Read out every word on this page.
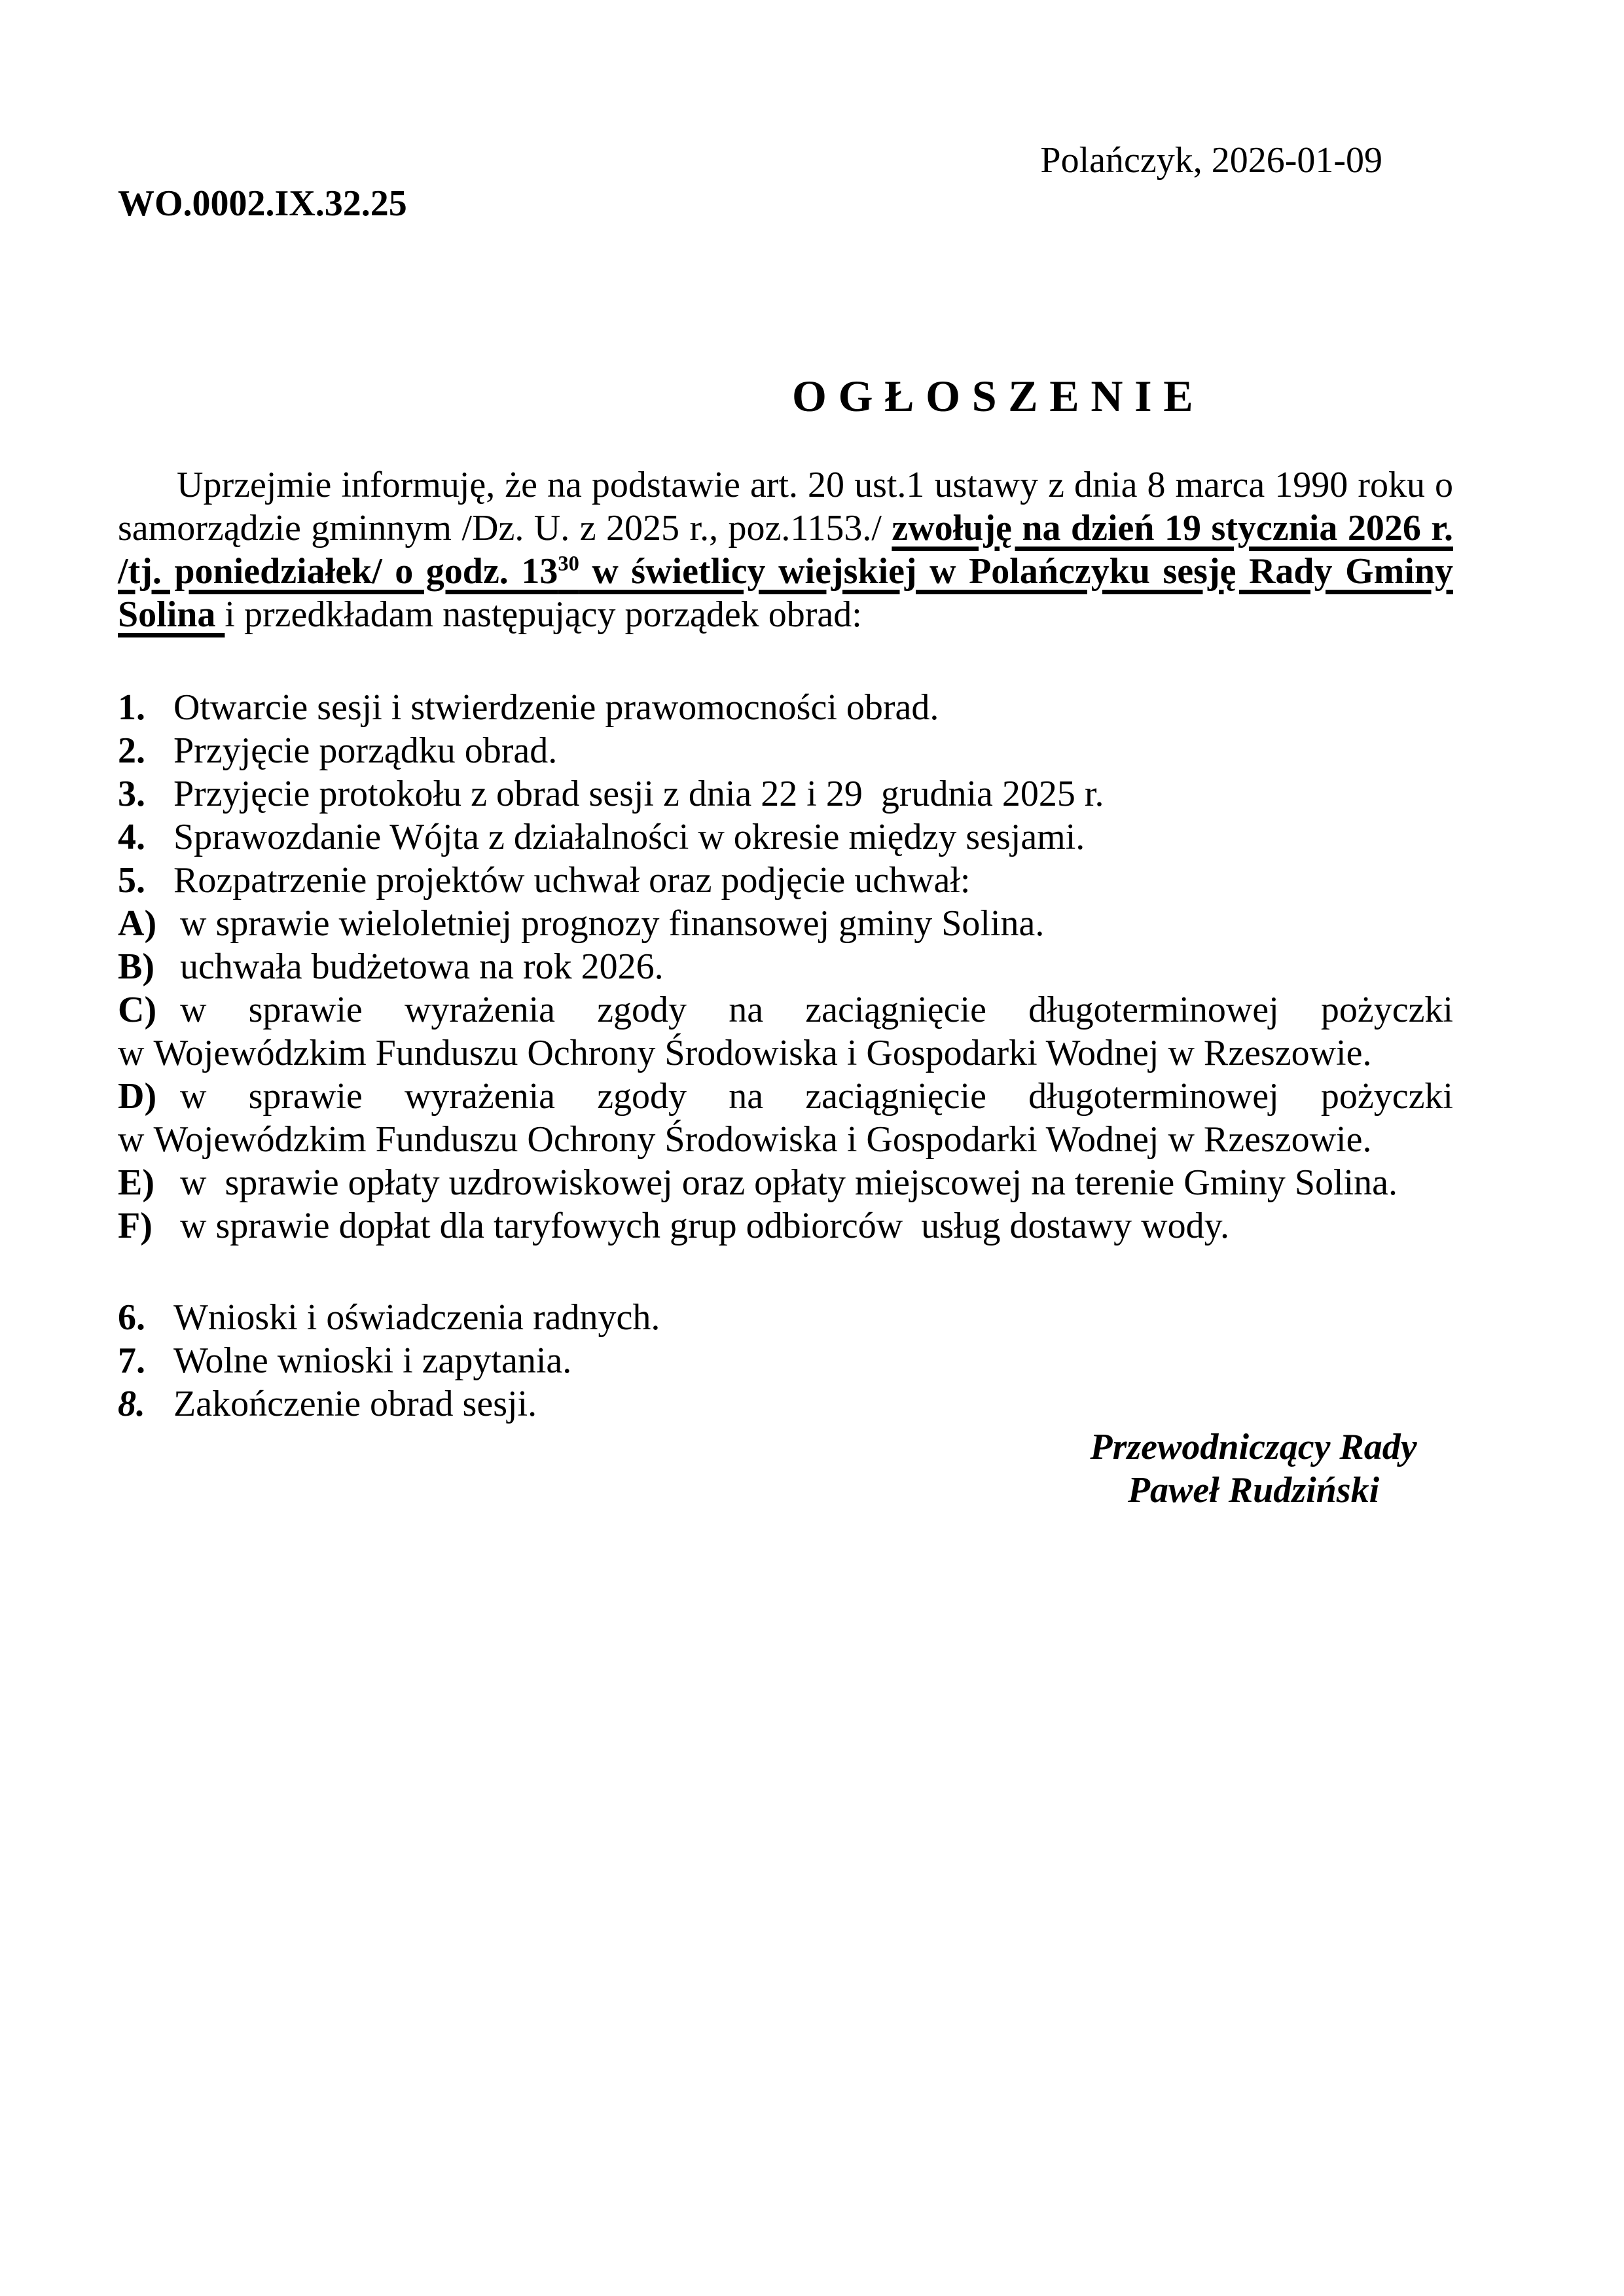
Polańczyk, 2026-01-09
WO.0002.IX.32.25
OGŁOSZENIE

Uprzejmie informuję, że na podstawie art. 20 ust.1 ustawy z dnia 8 marca 1990 roku o samorządzie gminnym /Dz. U. z 2025 r., poz.1153./ zwołuję na dzień 19 stycznia 2026 r. /tj. poniedziałek/ o godz. $13^{30}$ w świetlicy wiejskiej w Polańczyku sesję Rady Gminy Solina i przedkładam następujący porządek obrad:

1. Otwarcie sesji i stwierdzenie prawomocności obrad.
2. Przyjęcie porządku obrad.
3. Przyjęcie protokołu z obrad sesji z dnia 22 i 29  grudnia 2025 r.
4. Sprawozdanie Wójta z działalności w okresie między sesjami.
5. Rozpatrzenie projektów uchwał oraz podjęcie uchwał:

A) w sprawie wieloletniej prognozy finansowej gminy Solina.

B) uchwała budżetowa na rok 2026.

C) w sprawie wyrażenia zgody na zaciągnięcie długoterminowej pożyczki w Wojewódzkim Funduszu Ochrony Środowiska i Gospodarki Wodnej w Rzeszowie.

D) w sprawie wyrażenia zgody na zaciągnięcie długoterminowej pożyczki w Wojewódzkim Funduszu Ochrony Środowiska i Gospodarki Wodnej w Rzeszowie.

E) w  sprawie opłaty uzdrowiskowej oraz opłaty miejscowej na terenie Gminy Solina.

F) w sprawie dopłat dla taryfowych grup odbiorców  usług dostawy wody.

6. Wnioski i oświadczenia radnych.
7. Wolne wnioski i zapytania.
8. Zakończenie obrad sesji.
Przewodniczący Rady
Paweł Rudziński
